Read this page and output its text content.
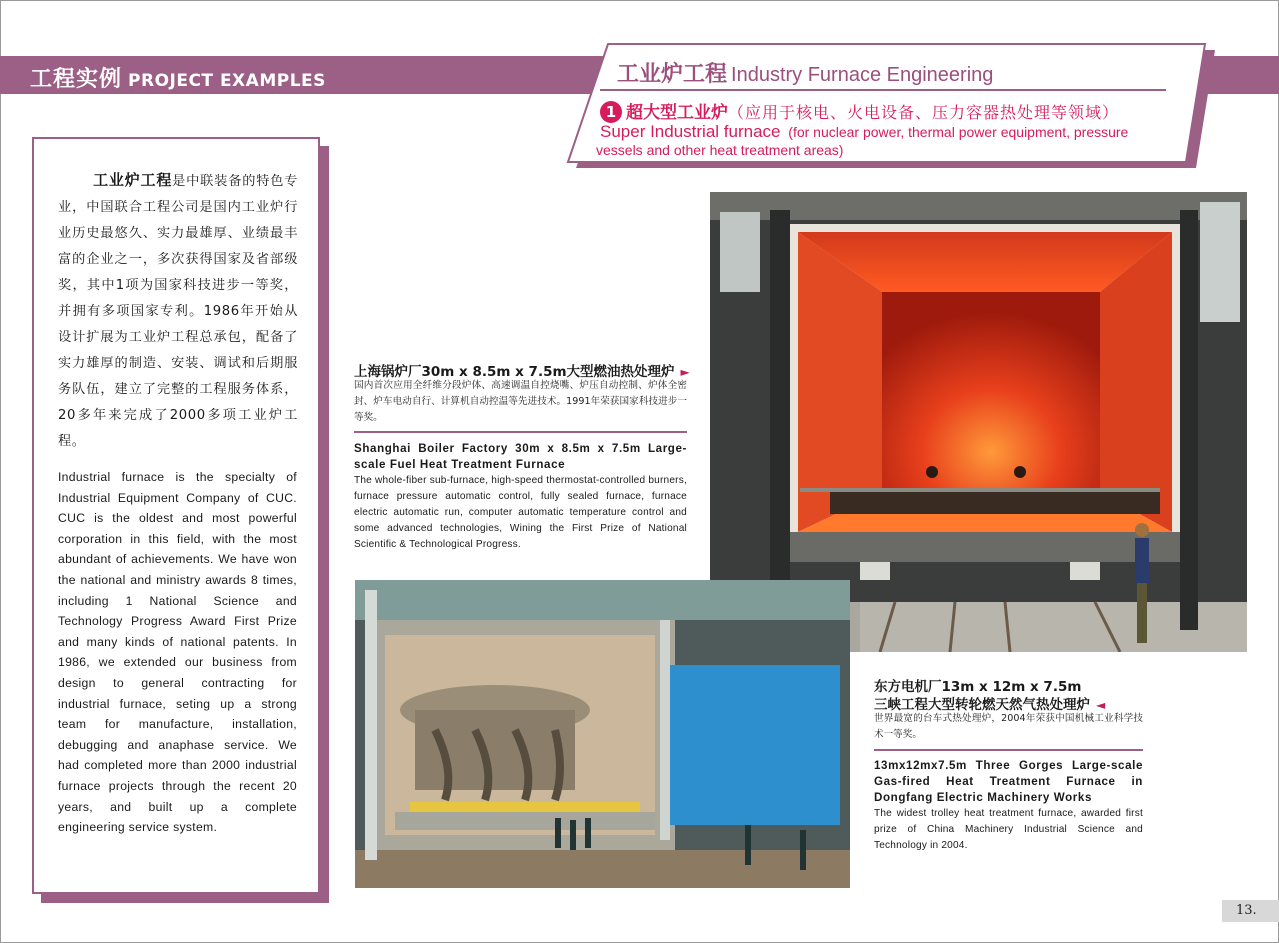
工程实例 PROJECT EXAMPLES	工业炉工程 Industry Furnace Engineering
1 超大型工业炉（应用于核电、火电设备、压力容器热处理等领域）
Super Industrial furnace (for nuclear power, thermal power equipment, pressure vessels and other heat treatment areas)
工业炉工程是中联装备的特色专业，中国联合工程公司是国内工业炉行业历史最悠久、实力最雄厚、业绩最丰富的企业之一，多次获得国家及省部级奖，其中1项为国家科技进步一等奖，并拥有多项国家专利。1986年开始从设计扩展为工业炉工程总承包，配备了实力雄厚的制造、安装、调试和后期服务队伍，建立了完整的工程服务体系，20多年来完成了2000多项工业炉工程。
Industrial furnace is the specialty of Industrial Equipment Company of CUC. CUC is the oldest and most powerful corporation in this field, with the most abundant of achievements. We have won the national and ministry awards 8 times, including 1 National Science and Technology Progress Award First Prize and many kinds of national patents. In 1986, we extended our business from design to general contracting for industrial furnace, seting up a strong team for manufacture, installation, debugging and anaphase service. We had completed more than 2000 industrial furnace projects through the recent 20 years, and built up a complete engineering service system.
上海锅炉厂30m x 8.5m x 7.5m大型燃油热处理炉 ►
国内首次应用全纤维分段炉体、高速调温自控烧嘴、炉压自动控制、炉体全密封、炉车电动自行、计算机自动控温等先进技术。1991年荣获国家科技进步一等奖。
Shanghai Boiler Factory 30m x 8.5m x 7.5m Large-scale Fuel Heat Treatment Furnace
The whole-fiber sub-furnace, high-speed thermostat-controlled burners, furnace pressure automatic control, fully sealed furnace, furnace electric automatic run, computer automatic temperature control and some advanced technologies, Wining the First Prize of National Scientific & Technological Progress.
东方电机厂13m x 12m x 7.5m
三峡工程大型转轮燃天然气热处理炉 ◄
世界最宽的台车式热处理炉，2004年荣获中国机械工业科学技术一等奖。
13mx12mx7.5m Three Gorges Large-scale Gas-fired Heat Treatment Furnace in Dongfang Electric Machinery Works
The widest trolley heat treatment furnace, awarded first prize of China Machinery Industrial Science and Technology in 2004.
13.
